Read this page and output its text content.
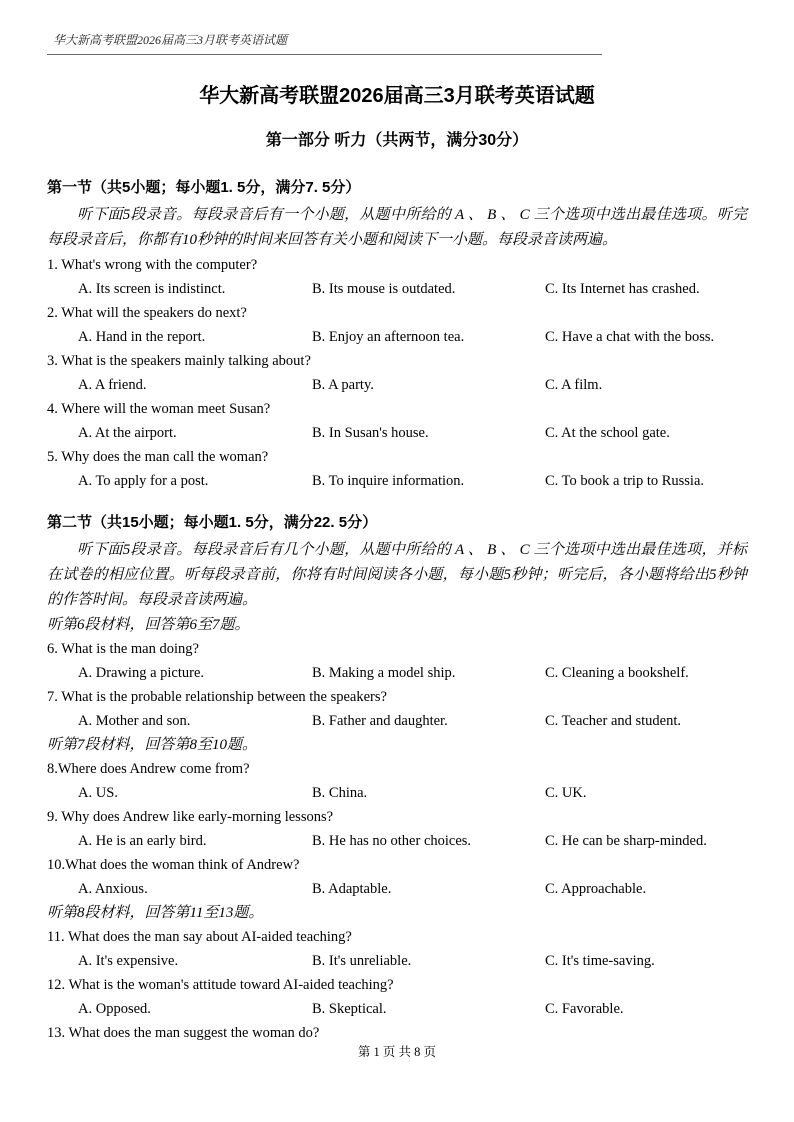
华大新高考联盟2026届高三3月联考英语试题
华大新高考联盟2026届高三3月联考英语试题
第一部分 听力（共两节，满分30分）
第一节（共5小题；每小题1. 5分，满分7. 5分）

听下面5段录音。每段录音后有一个小题，从题中所给的 A 、 B 、 C 三个选项中选出最佳选项。听完每段录音后，你都有10秒钟的时间来回答有关小题和阅读下一小题。每段录音读两遍。

1. What's wrong with the computer?
A. Its screen is indistinct.	B. Its mouse is outdated.	C. Its Internet has crashed.
2. What will the speakers do next?
A. Hand in the report.	B. Enjoy an afternoon tea.	C. Have a chat with the boss.
3. What is the speakers mainly talking about?
A. A friend.	B. A party.	C. A film.
4. Where will the woman meet Susan?
A. At the airport.	B. In Susan's house.	C. At the school gate.
5. Why does the man call the woman?
A. To apply for a post.	B. To inquire information.	C. To book a trip to Russia.
第二节（共15小题；每小题1. 5分，满分22. 5分）

听下面5段录音。每段录音后有几个小题，从题中所给的 A 、 B 、 C 三个选项中选出最佳选项，并标在试卷的相应位置。听每段录音前，你将有时间阅读各小题，每小题5秒钟；听完后，各小题将给出5秒钟的作答时间。每段录音读两遍。

听第6段材料，回答第6至7题。
6. What is the man doing?
A. Drawing a picture.	B. Making a model ship.	C. Cleaning a bookshelf.
7. What is the probable relationship between the speakers?
A. Mother and son.	B. Father and daughter.	C. Teacher and student.
听第7段材料，回答第8至10题。
8.Where does Andrew come from?
A. US.	B. China.	C. UK.
9. Why does Andrew like early-morning lessons?
A. He is an early bird.	B. He has no other choices.	C. He can be sharp-minded.
10.What does the woman think of Andrew?
A. Anxious.	B. Adaptable.	C. Approachable.
听第8段材料，回答第11至13题。
11. What does the man say about AI-aided teaching?
A. It's expensive.	B. It's unreliable.	C. It's time-saving.
12. What is the woman's attitude toward AI-aided teaching?
A. Opposed.	B. Skeptical.	C. Favorable.
13. What does the man suggest the woman do?
第 1 页 共 8 页
